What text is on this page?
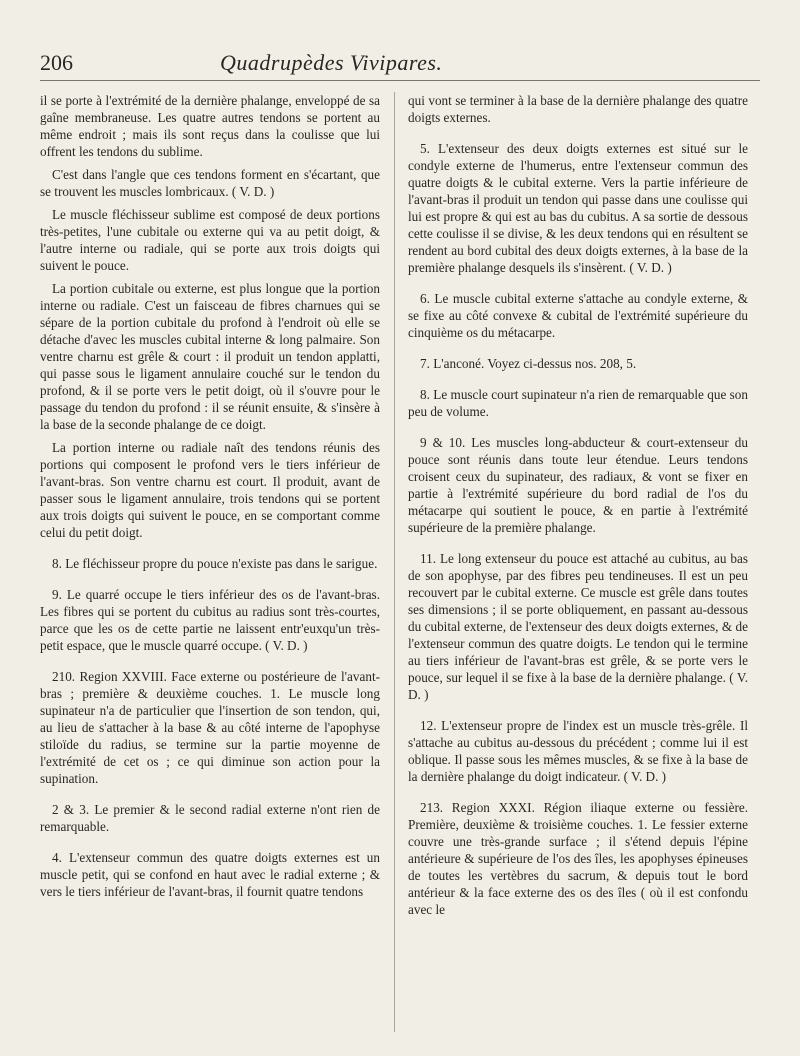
206	Quadrupèdes Vivipares.

il se porte à l'extrémité de la dernière phalange, enveloppé de sa gaîne membraneuse. Les quatre autres tendons se portent au même endroit ; mais ils sont reçus dans la coulisse que lui offrent les tendons du sublime.

C'est dans l'angle que ces tendons forment en s'écartant, que se trouvent les muscles lombricaux. ( V. D. )

Le muscle fléchisseur sublime est composé de deux portions très-petites, l'une cubitale ou externe qui va au petit doigt, & l'autre interne ou radiale, qui se porte aux trois doigts qui suivent le pouce.

La portion cubitale ou externe, est plus longue que la portion interne ou radiale. C'est un faisceau de fibres charnues qui se sépare de la portion cubitale du profond à l'endroit où elle se détache d'avec les muscles cubital interne & long palmaire. Son ventre charnu est grêle & court : il produit un tendon applatti, qui passe sous le ligament annulaire couché sur le tendon du profond, & il se porte vers le petit doigt, où il s'ouvre pour le passage du tendon du profond : il se réunit ensuite, & s'insère à la base de la seconde phalange de ce doigt.

La portion interne ou radiale naît des tendons réunis des portions qui composent le profond vers le tiers inférieur de l'avant-bras. Son ventre charnu est court. Il produit, avant de passer sous le ligament annulaire, trois tendons qui se portent aux trois doigts qui suivent le pouce, en se comportant comme celui du petit doigt.

8. Le fléchisseur propre du pouce n'existe pas dans le sarigue.

9. Le quarré occupe le tiers inférieur des os de l'avant-bras. Les fibres qui se portent du cubitus au radius sont très-courtes, parce que les os de cette partie ne laissent entr'euxqu'un très-petit espace, que le muscle quarré occupe. ( V. D. )

210. Region XXVIII. Face externe ou postérieure de l'avant-bras ; première & deuxième couches. 1. Le muscle long supinateur n'a de particulier que l'insertion de son tendon, qui, au lieu de s'attacher à la base & au côté interne de l'apophyse stiloïde du radius, se termine sur la partie moyenne de l'extrémité de cet os ; ce qui diminue son action pour la supination.

2 & 3. Le premier & le second radial externe n'ont rien de remarquable.

4. L'extenseur commun des quatre doigts externes est un muscle petit, qui se confond en haut avec le radial externe ; & vers le tiers inférieur de l'avant-bras, il fournit quatre tendons

qui vont se terminer à la base de la dernière phalange des quatre doigts externes.

5. L'extenseur des deux doigts externes est situé sur le condyle externe de l'humerus, entre l'extenseur commun des quatre doigts & le cubital externe. Vers la partie inférieure de l'avant-bras il produit un tendon qui passe dans une coulisse qui lui est propre & qui est au bas du cubitus. A sa sortie de dessous cette coulisse il se divise, & les deux tendons qui en résultent se rendent au bord cubital des deux doigts externes, à la base de la première phalange desquels ils s'insèrent. ( V. D. )

6. Le muscle cubital externe s'attache au condyle externe, & se fixe au côté convexe & cubital de l'extrémité supérieure du cinquième os du métacarpe.

7. L'anconé. Voyez ci-dessus nos. 208, 5.

8. Le muscle court supinateur n'a rien de remarquable que son peu de volume.

9 & 10. Les muscles long-abducteur & court-extenseur du pouce sont réunis dans toute leur étendue. Leurs tendons croisent ceux du supinateur, des radiaux, & vont se fixer en partie à l'extrémité supérieure du bord radial de l'os du métacarpe qui soutient le pouce, & en partie à l'extrémité supérieure de la première phalange.

11. Le long extenseur du pouce est attaché au cubitus, au bas de son apophyse, par des fibres peu tendineuses. Il est un peu recouvert par le cubital externe. Ce muscle est grêle dans toutes ses dimensions ; il se porte obliquement, en passant au-dessous du cubital externe, de l'extenseur des deux doigts externes, & de l'extenseur commun des quatre doigts. Le tendon qui le termine au tiers inférieur de l'avant-bras est grêle, & se porte vers le pouce, sur lequel il se fixe à la base de la dernière phalange. ( V. D. )

12. L'extenseur propre de l'index est un muscle très-grêle. Il s'attache au cubitus au-dessous du précédent ; comme lui il est oblique. Il passe sous les mêmes muscles, & se fixe à la base de la dernière phalange du doigt indicateur. ( V. D. )

213. Region XXXI. Région iliaque externe ou fessière. Première, deuxième & troisième couches. 1. Le fessier externe couvre une très-grande surface ; il s'étend depuis l'épine antérieure & supérieure de l'os des îles, les apophyses épineuses de toutes les vertèbres du sacrum, & depuis tout le bord antérieur & la face externe des os des îles ( où il est confondu avec le
